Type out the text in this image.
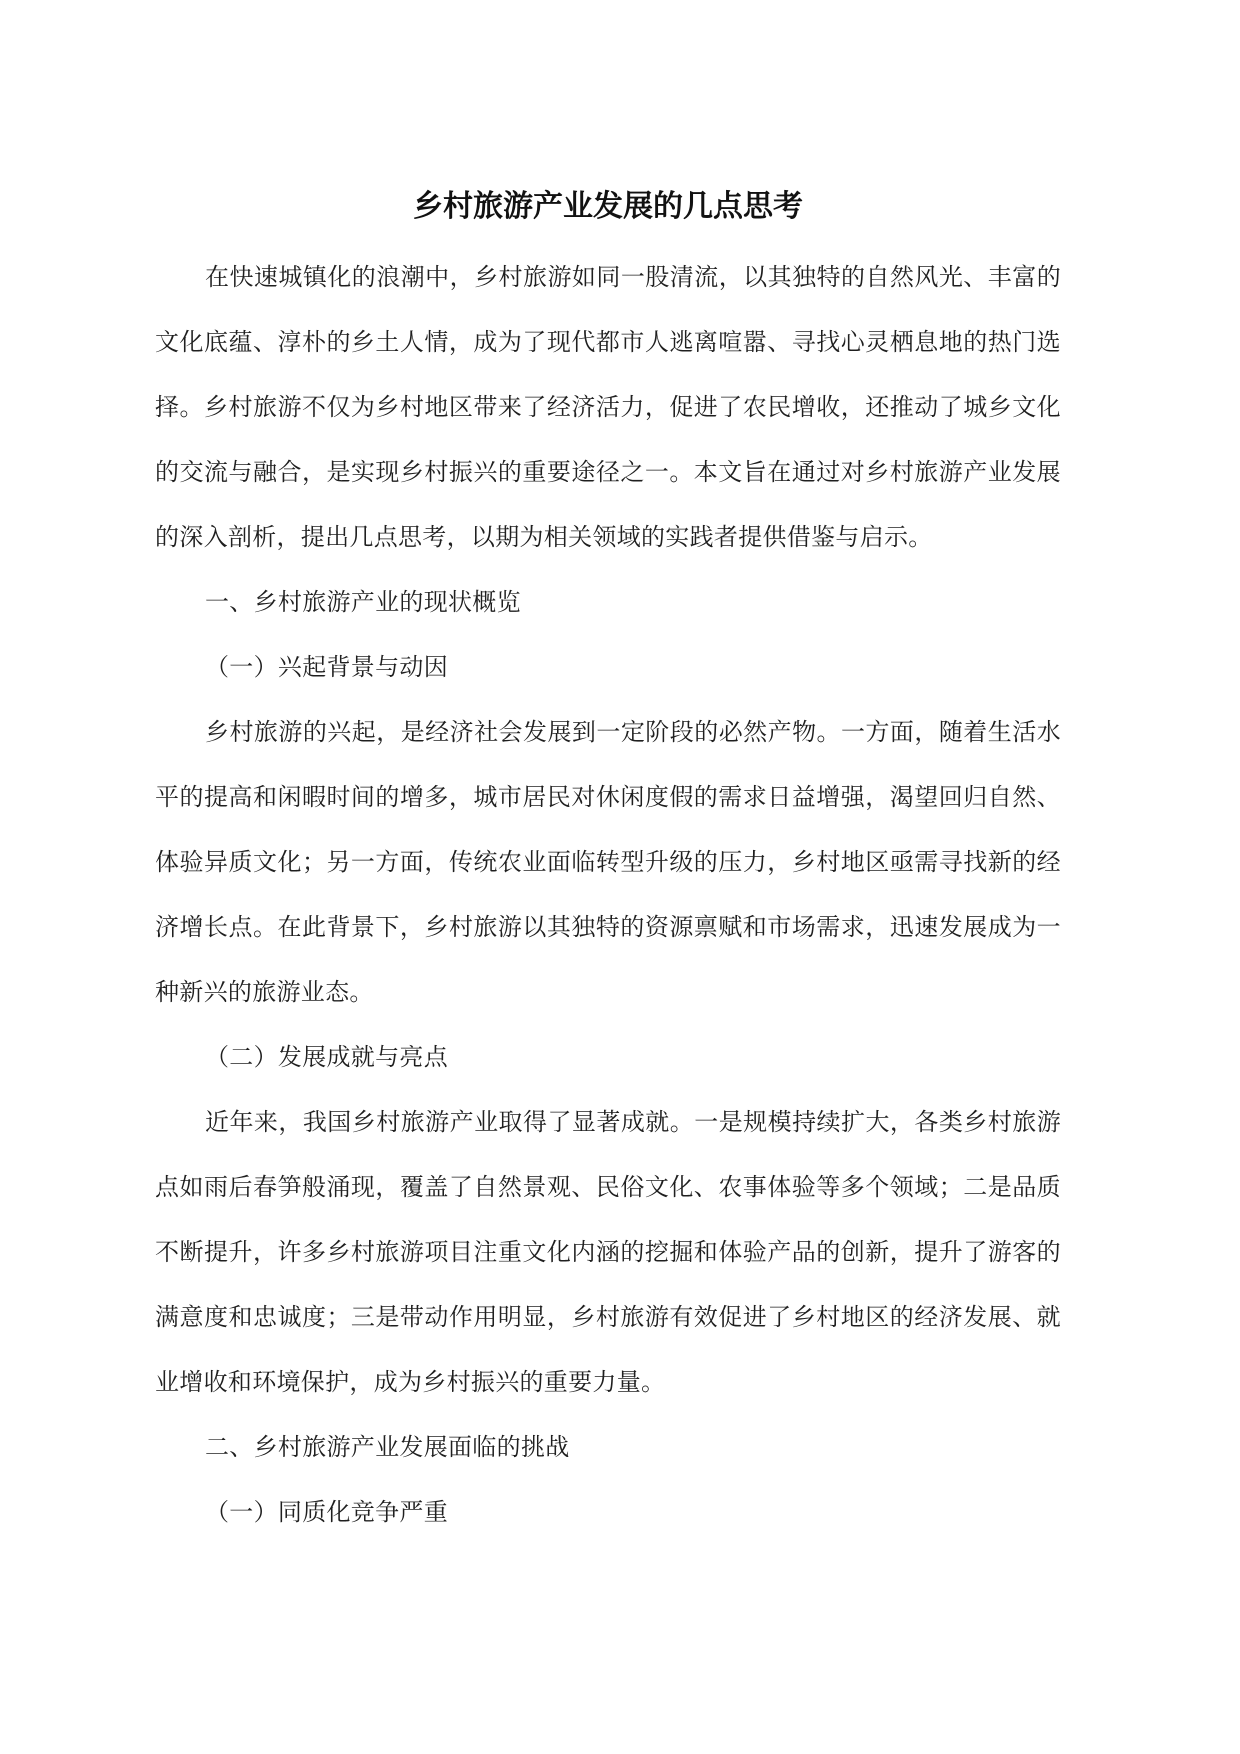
乡村旅游产业发展的几点思考

在快速城镇化的浪潮中，乡村旅游如同一股清流，以其独特的自然风光、丰富的文化底蕴、淳朴的乡土人情，成为了现代都市人逃离喧嚣、寻找心灵栖息地的热门选择。乡村旅游不仅为乡村地区带来了经济活力，促进了农民增收，还推动了城乡文化的交流与融合，是实现乡村振兴的重要途径之一。本文旨在通过对乡村旅游产业发展的深入剖析，提出几点思考，以期为相关领域的实践者提供借鉴与启示。

一、乡村旅游产业的现状概览

（一）兴起背景与动因

乡村旅游的兴起，是经济社会发展到一定阶段的必然产物。一方面，随着生活水平的提高和闲暇时间的增多，城市居民对休闲度假的需求日益增强，渴望回归自然、体验异质文化；另一方面，传统农业面临转型升级的压力，乡村地区亟需寻找新的经济增长点。在此背景下，乡村旅游以其独特的资源禀赋和市场需求，迅速发展成为一种新兴的旅游业态。

（二）发展成就与亮点

近年来，我国乡村旅游产业取得了显著成就。一是规模持续扩大，各类乡村旅游点如雨后春笋般涌现，覆盖了自然景观、民俗文化、农事体验等多个领域；二是品质不断提升，许多乡村旅游项目注重文化内涵的挖掘和体验产品的创新，提升了游客的满意度和忠诚度；三是带动作用明显，乡村旅游有效促进了乡村地区的经济发展、就业增收和环境保护，成为乡村振兴的重要力量。

二、乡村旅游产业发展面临的挑战

（一）同质化竞争严重
